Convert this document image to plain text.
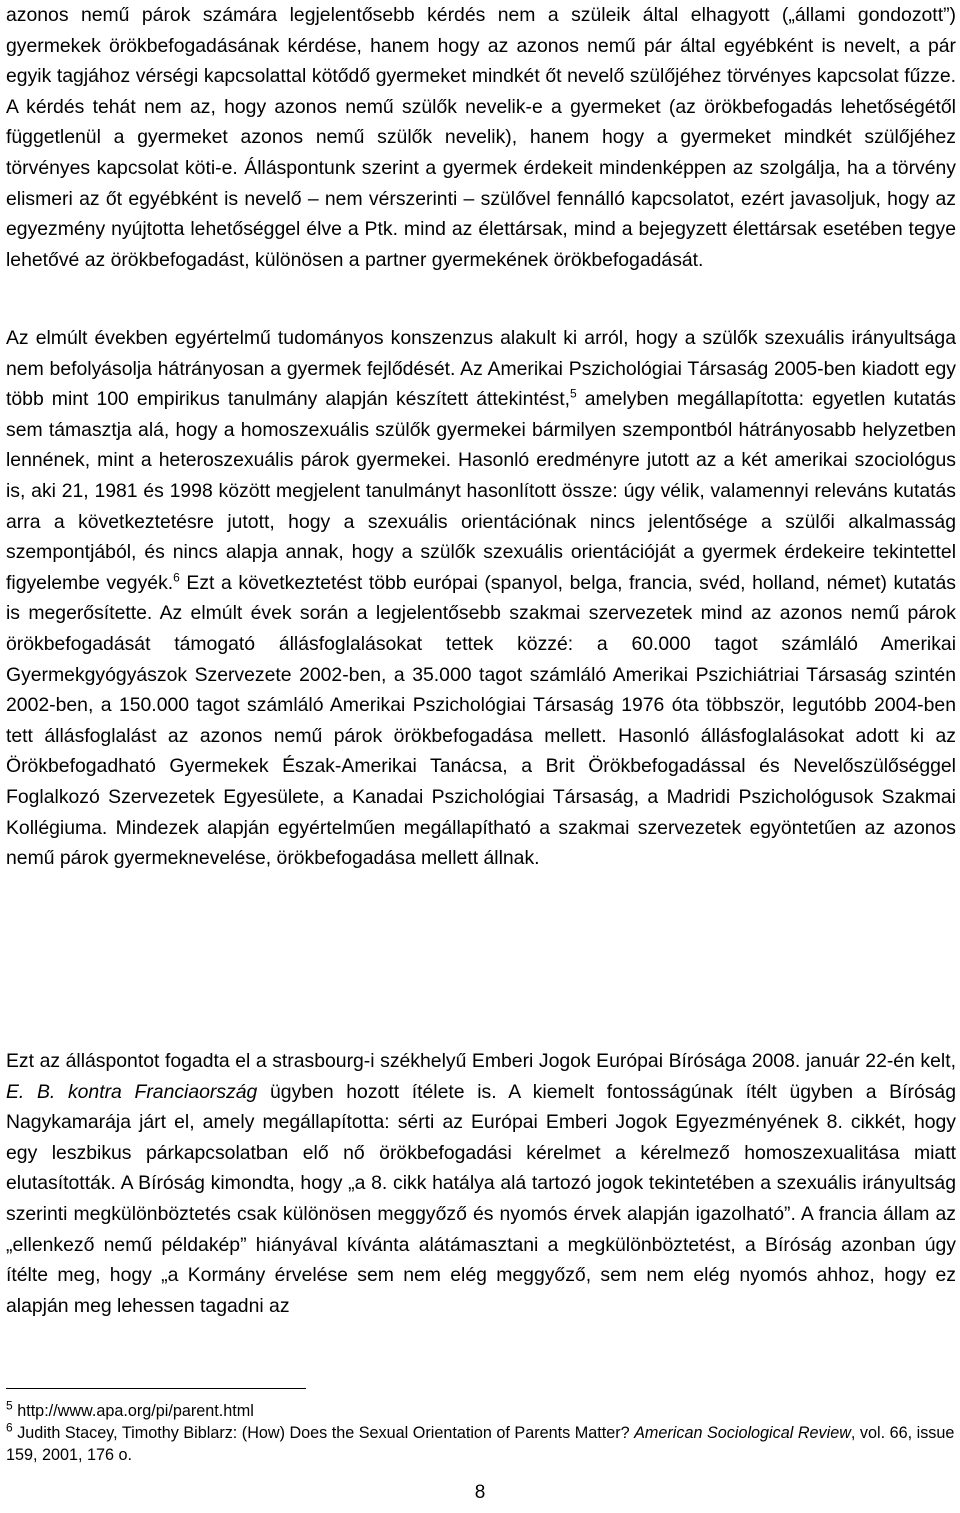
azonos nemű párok számára legjelentősebb kérdés nem a szüleik által elhagyott („állami gondozott”) gyermekek örökbefogadásának kérdése, hanem hogy az azonos nemű pár által egyébként is nevelt, a pár egyik tagjához vérségi kapcsolattal kötődő gyermeket mindkét őt nevelő szülőjéhez törvényes kapcsolat fűzze. A kérdés tehát nem az, hogy azonos nemű szülők nevelik-e a gyermeket (az örökbefogadás lehetőségétől függetlenül a gyermeket azonos nemű szülők nevelik), hanem hogy a gyermeket mindkét szülőjéhez törvényes kapcsolat köti-e. Álláspontunk szerint a gyermek érdekeit mindenképpen az szolgálja, ha a törvény elismeri az őt egyébként is nevelő – nem vérszerinti – szülővel fennálló kapcsolatot, ezért javasoljuk, hogy az egyezmény nyújtotta lehetőséggel élve a Ptk. mind az élettársak, mind a bejegyzett élettársak esetében tegye lehetővé az örökbefogadást, különösen a partner gyermekének örökbefogadását.

Az elmúlt években egyértelmű tudományos konszenzus alakult ki arról, hogy a szülők szexuális irányultsága nem befolyásolja hátrányosan a gyermek fejlődését. Az Amerikai Pszichológiai Társaság 2005-ben kiadott egy több mint 100 empirikus tanulmány alapján készített áttekintést,$^5$ amelyben megállapította: egyetlen kutatás sem támasztja alá, hogy a homoszexuális szülők gyermekei bármilyen szempontból hátrányosabb helyzetben lennének, mint a heteroszexuális párok gyermekei. Hasonló eredményre jutott az a két amerikai szociológus is, aki 21, 1981 és 1998 között megjelent tanulmányt hasonlított össze: úgy vélik, valamennyi releváns kutatás arra a következtetésre jutott, hogy a szexuális orientációnak nincs jelentősége a szülői alkalmasság szempontjából, és nincs alapja annak, hogy a szülők szexuális orientációját a gyermek érdekeire tekintettel figyelembe vegyék.$^6$ Ezt a következtetést több európai (spanyol, belga, francia, svéd, holland, német) kutatás is megerősítette. Az elmúlt évek során a legjelentősebb szakmai szervezetek mind az azonos nemű párok örökbefogadását támogató állásfoglalásokat tettek közzé: a 60.000 tagot számláló Amerikai Gyermekgyógyászok Szervezete 2002-ben, a 35.000 tagot számláló Amerikai Pszichiátriai Társaság szintén 2002-ben, a 150.000 tagot számláló Amerikai Pszichológiai Társaság 1976 óta többször, legutóbb 2004-ben tett állásfoglalást az azonos nemű párok örökbefogadása mellett. Hasonló állásfoglalásokat adott ki az Örökbefogadható Gyermekek Észak-Amerikai Tanácsa, a Brit Örökbefogadással és Nevelőszülőséggel Foglalkozó Szervezetek Egyesülete, a Kanadai Pszichológiai Társaság, a Madridi Pszichológusok Szakmai Kollégiuma. Mindezek alapján egyértelműen megállapítható a szakmai szervezetek egyöntetűen az azonos nemű párok gyermeknevelése, örökbefogadása mellett állnak.

Ezt az álláspontot fogadta el a strasbourg-i székhelyű Emberi Jogok Európai Bírósága 2008. január 22-én kelt, E. B. kontra Franciaország ügyben hozott ítélete is. A kiemelt fontosságúnak ítélt ügyben a Bíróság Nagykamarája járt el, amely megállapította: sérti az Európai Emberi Jogok Egyezményének 8. cikkét, hogy egy leszbikus párkapcsolatban elő nő örökbefogadási kérelmet a kérelmező homoszexualitása miatt elutasították. A Bíróság kimondta, hogy „a 8. cikk hatálya alá tartozó jogok tekintetében a szexuális irányultság szerinti megkülönböztetés csak különösen meggyőző és nyomós érvek alapján igazolható”. A francia állam az „ellenkező nemű példakép” hiányával kívánta alátámasztani a megkülönböztetést, a Bíróság azonban úgy ítélte meg, hogy „a Kormány érvelése sem nem elég meggyőző, sem nem elég nyomós ahhoz, hogy ez alapján meg lehessen tagadni az

$^5$ http://www.apa.org/pi/parent.html

$^6$ Judith Stacey, Timothy Biblarz: (How) Does the Sexual Orientation of Parents Matter? American Sociological Review, vol. 66, issue 159, 2001, 176 o.

8
